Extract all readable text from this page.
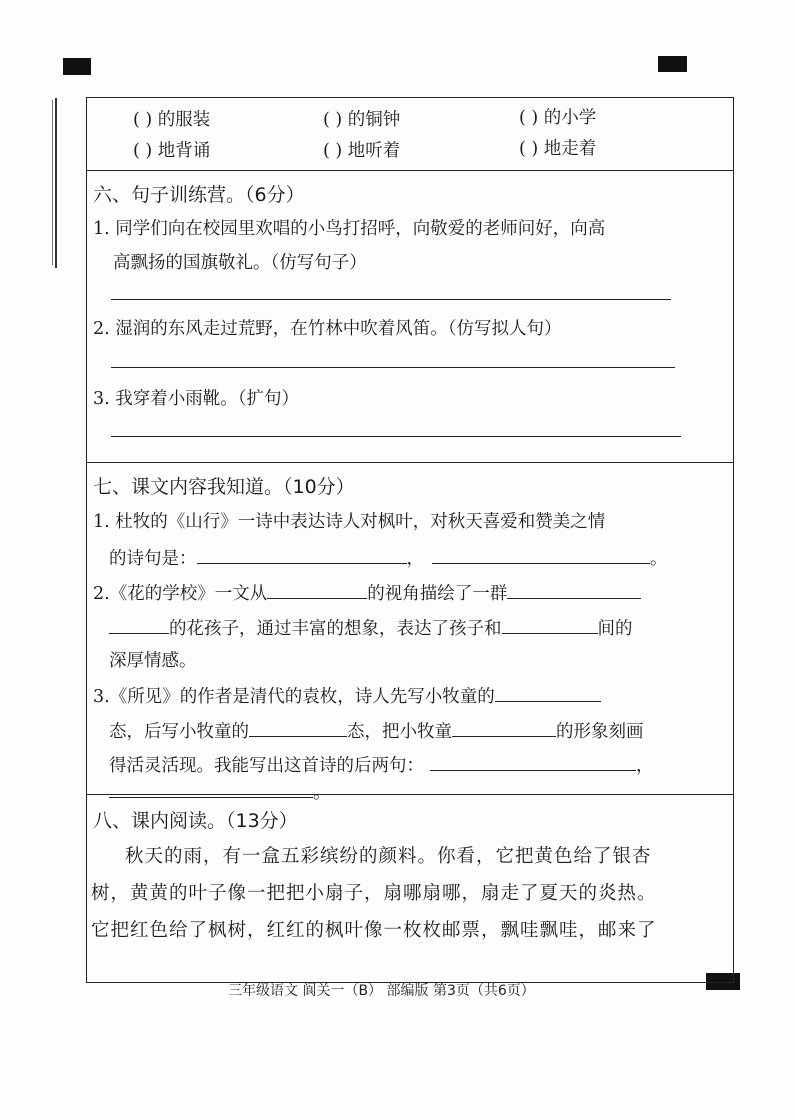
( ) 的服装	( ) 的铜钟	( ) 的小学
( ) 地背诵	( ) 地听着	( ) 地走着
六、句子训练营。（6分）
1. 同学们向在校园里欢唱的小鸟打招呼，向敬爱的老师问好，向高
高飘扬的国旗敬礼。（仿写句子）
2. 湿润的东风走过荒野，在竹林中吹着风笛。（仿写拟人句）
3. 我穿着小雨靴。（扩句）
七、课文内容我知道。（10分）
1. 杜牧的《山行》一诗中表达诗人对枫叶，对秋天喜爱和赞美之情
的诗句是：	，	。
2.《花的学校》一文从	的视角描绘了一群
的花孩子，通过丰富的想象，表达了孩子和	间的
深厚情感。
3.《所见》的作者是清代的袁枚，诗人先写小牧童的
态，后写小牧童的	态，把小牧童	的形象刻画
得活灵活现。我能写出这首诗的后两句：	，
。
八、课内阅读。（13分）
秋天的雨，有一盒五彩缤纷的颜料。你看，它把黄色给了银杏
树，黄黄的叶子像一把把小扇子，扇哪扇哪，扇走了夏天的炎热。
它把红色给了枫树，红红的枫叶像一枚枚邮票，飘哇飘哇，邮来了
三年级语文 阆关一（B） 部编版 第3页（共6页）
